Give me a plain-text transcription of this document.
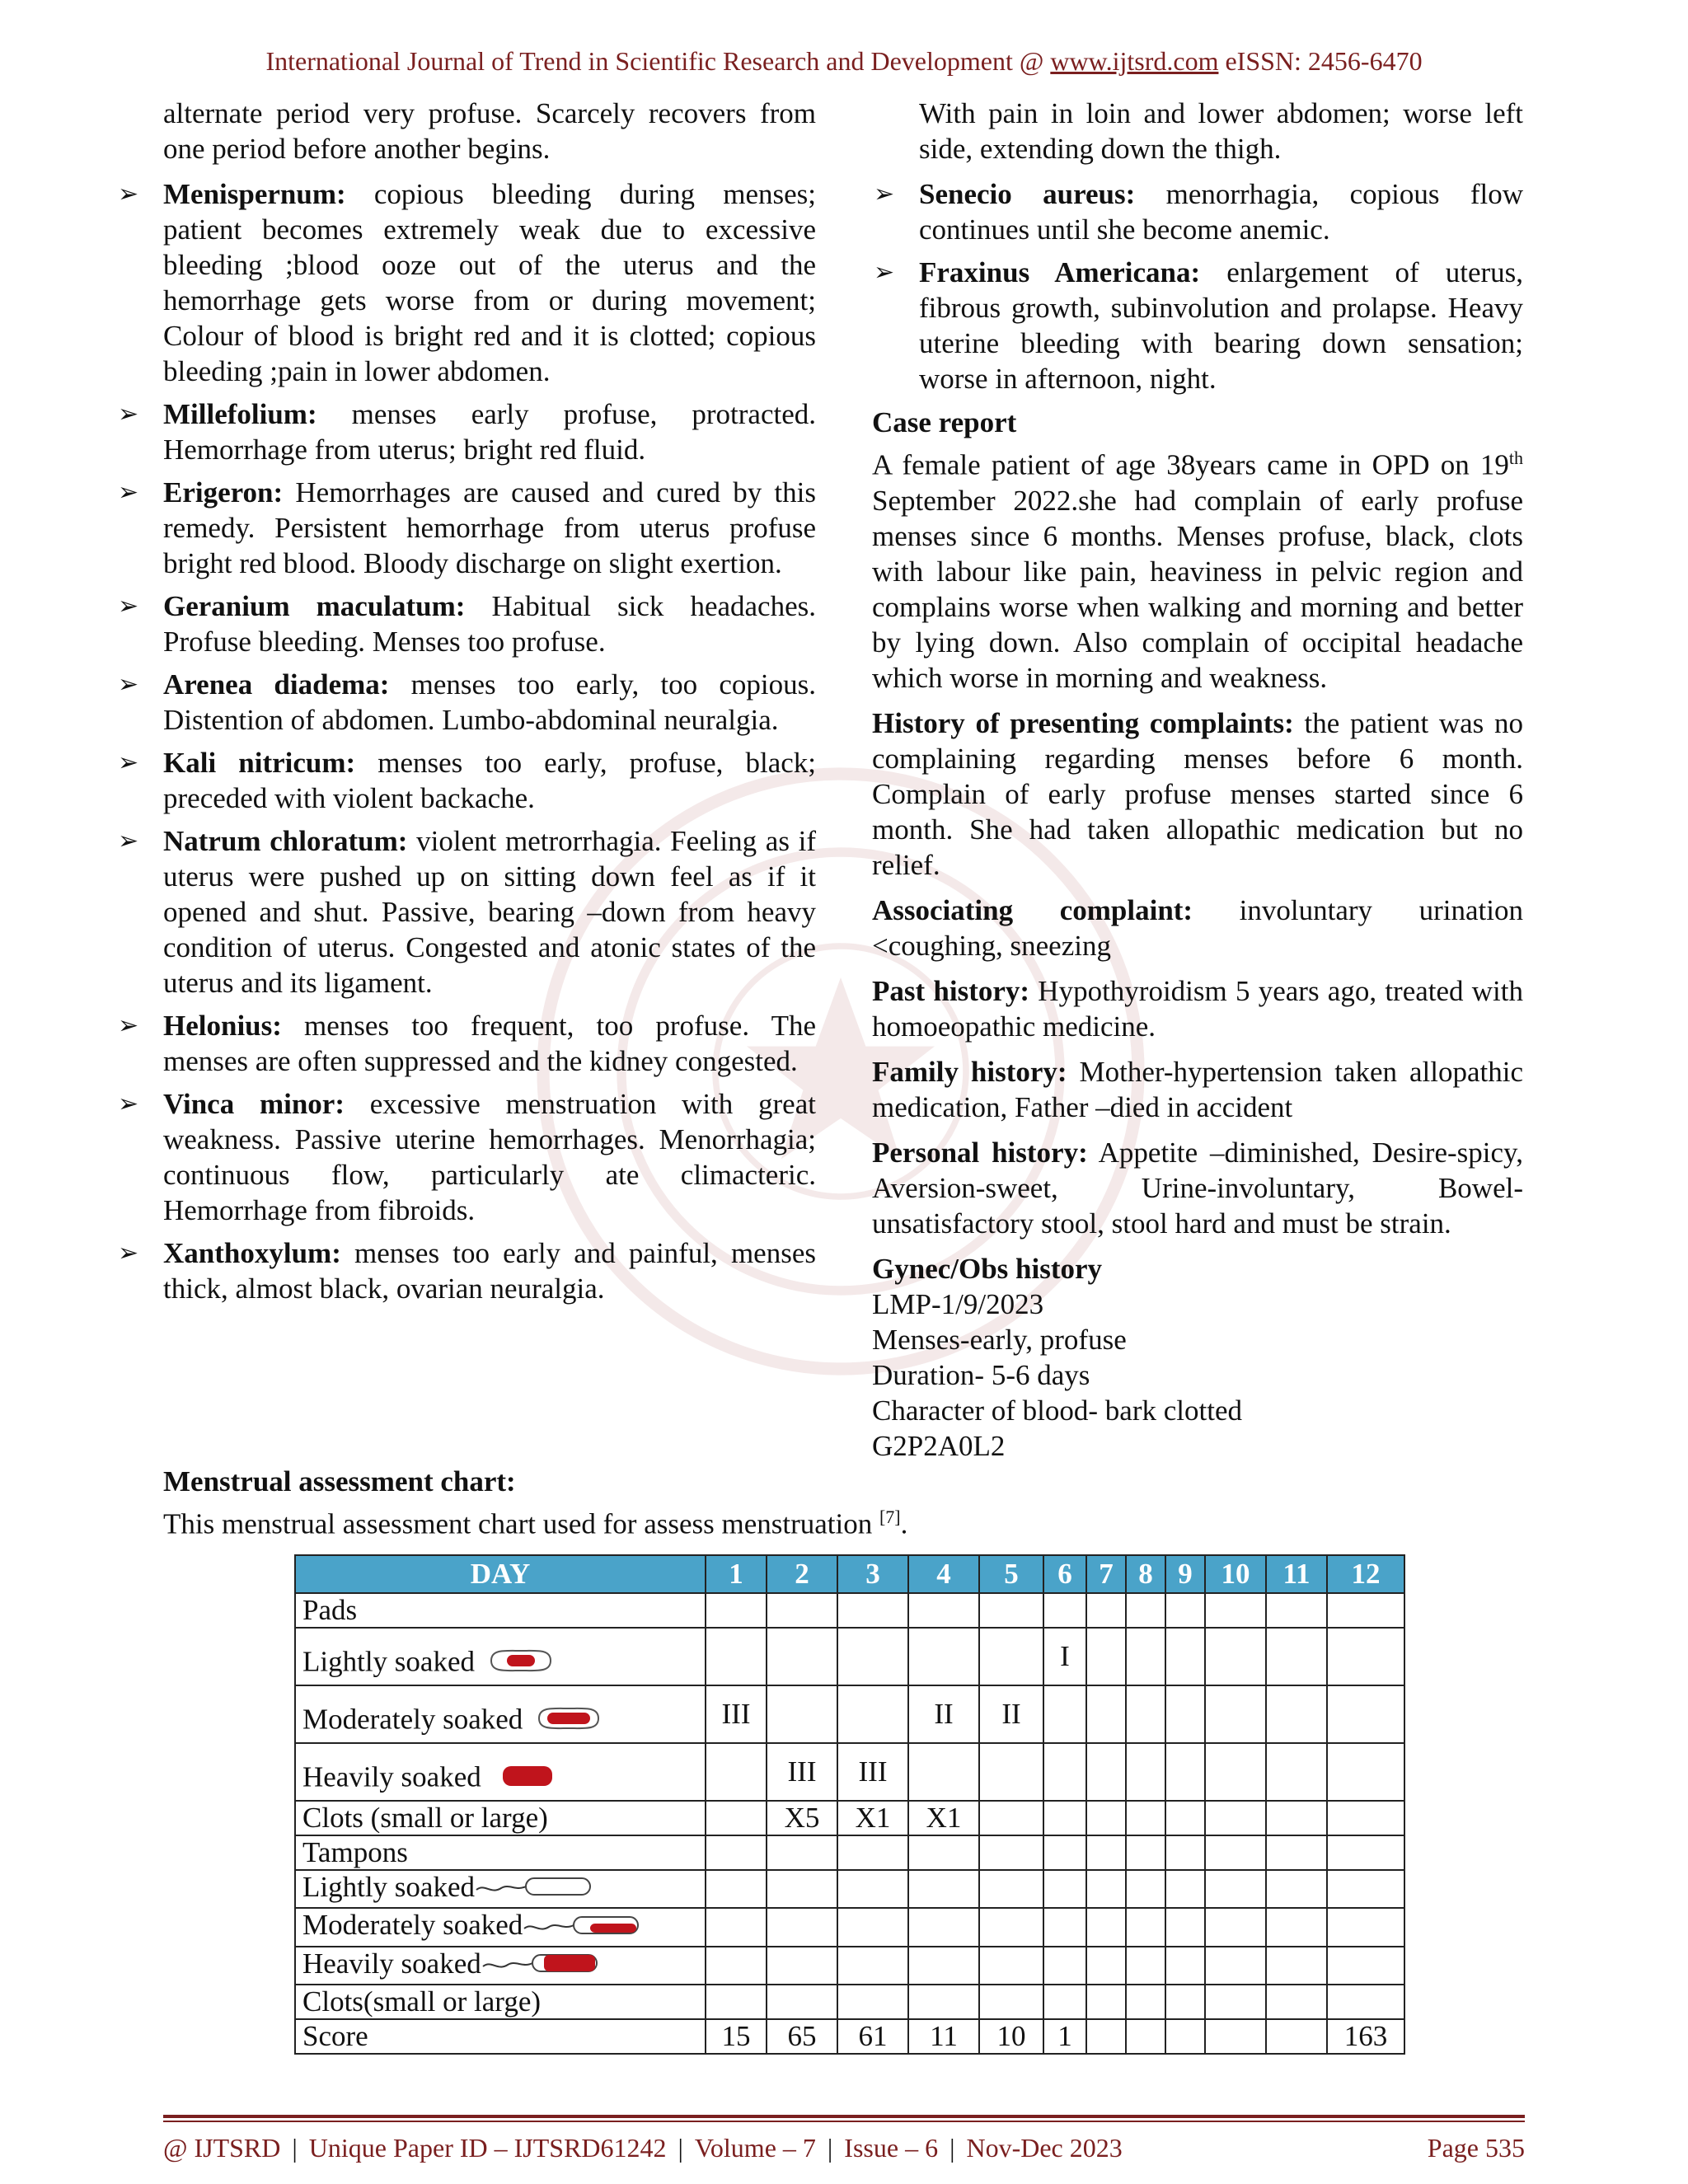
International Journal of Trend in Scientific Research and Development @ www.ijtsrd.com eISSN: 2456-6470

alternate period very profuse. Scarcely recovers from one period before another begins.

➢ Menispernum: copious bleeding during menses; patient becomes extremely weak due to excessive bleeding ;blood ooze out of the uterus and the hemorrhage gets worse from or during movement; Colour of blood is bright red and it is clotted; copious bleeding ;pain in lower abdomen.
➢ Millefolium: menses early profuse, protracted. Hemorrhage from uterus; bright red fluid.
➢ Erigeron: Hemorrhages are caused and cured by this remedy. Persistent hemorrhage from uterus profuse bright red blood. Bloody discharge on slight exertion.
➢ Geranium maculatum: Habitual sick headaches. Profuse bleeding. Menses too profuse.
➢ Arenea diadema: menses too early, too copious. Distention of abdomen. Lumbo-abdominal neuralgia.
➢ Kali nitricum: menses too early, profuse, black; preceded with violent backache.
➢ Natrum chloratum: violent metrorrhagia. Feeling as if uterus were pushed up on sitting down feel as if it opened and shut. Passive, bearing –down from heavy condition of uterus. Congested and atonic states of the uterus and its ligament.
➢ Helonius: menses too frequent, too profuse. The menses are often suppressed and the kidney congested.
➢ Vinca minor: excessive menstruation with great weakness. Passive uterine hemorrhages. Menorrhagia; continuous flow, particularly ate climacteric. Hemorrhage from fibroids.
➢ Xanthoxylum: menses too early and painful, menses thick, almost black, ovarian neuralgia.

With pain in loin and lower abdomen; worse left side, extending down the thigh.

➢ Senecio aureus: menorrhagia, copious flow continues until she become anemic.
➢ Fraxinus Americana: enlargement of uterus, fibrous growth, subinvolution and prolapse. Heavy uterine bleeding with bearing down sensation; worse in afternoon, night.
Case report

A female patient of age 38years came in OPD on 19th September 2022.she had complain of early profuse menses since 6 months. Menses profuse, black, clots with labour like pain, heaviness in pelvic region and complains worse when walking and morning and better by lying down. Also complain of occipital headache which worse in morning and weakness.

History of presenting complaints: the patient was no complaining regarding menses before 6 month. Complain of early profuse menses started since 6 month. She had taken allopathic medication but no relief.

Associating complaint: involuntary urination <coughing, sneezing

Past history: Hypothyroidism 5 years ago, treated with homoeopathic medicine.

Family history: Mother-hypertension taken allopathic medication, Father –died in accident

Personal history: Appetite –diminished, Desire-spicy, Aversion-sweet, Urine-involuntary, Bowel-unsatisfactory stool, stool hard and must be strain.

Gynec/Obs history
LMP-1/9/2023
Menses-early, profuse
Duration- 5-6 days
Character of blood- bark clotted
G2P2A0L2
Menstrual assessment chart:
This menstrual assessment chart used for assess menstruation [7].
DAY	1	2	3	4	5	6	7	8	9	10	11	12
Pads												
Lightly soaked						I						
Moderately soaked	III			II	II							
Heavily soaked		III	III									
Clots (small or large)		X5	X1	X1								
Tampons												
Lightly soaked												
Moderately soaked												
Heavily soaked												
Clots(small or large)												
Score	15	65	61	11	10	1						163
@ IJTSRD | Unique Paper ID – IJTSRD61242 | Volume – 7 | Issue – 6 | Nov-Dec 2023	Page 535
